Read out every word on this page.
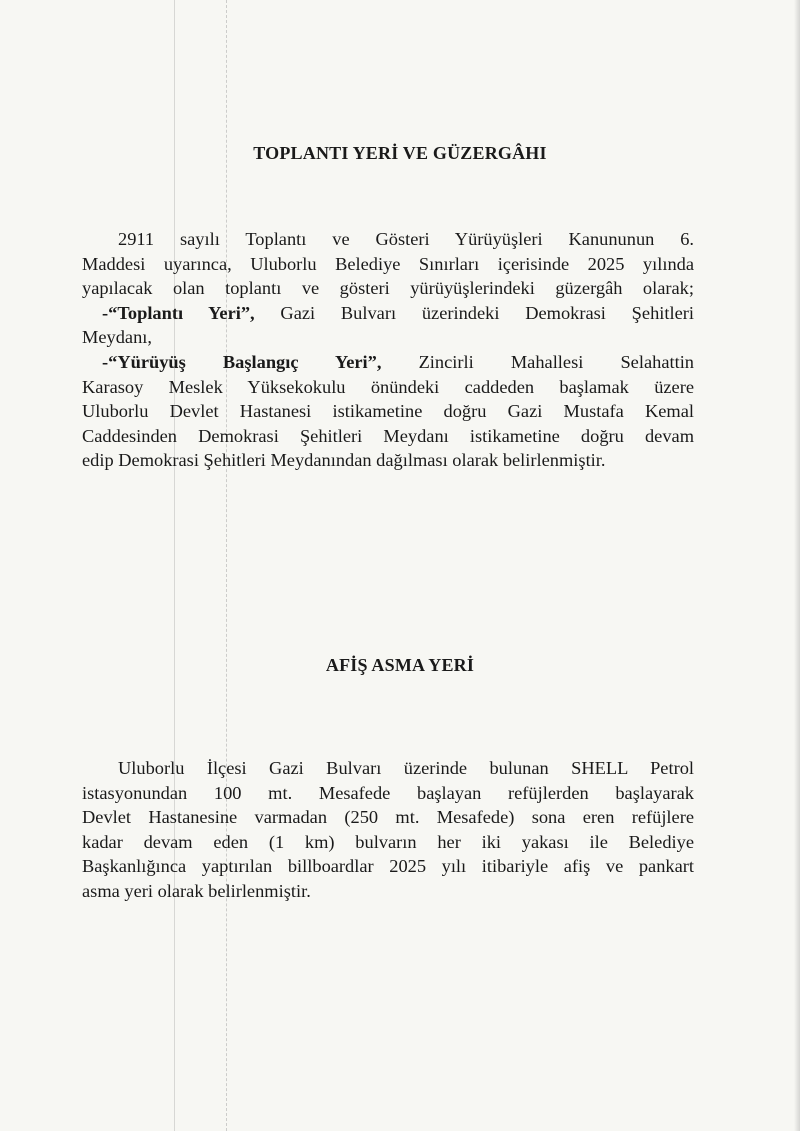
TOPLANTI YERİ VE GÜZERGÂHI
2911 sayılı Toplantı ve Gösteri Yürüyüşleri Kanununun 6.
Maddesi uyarınca, Uluborlu Belediye Sınırları içerisinde 2025 yılında
yapılacak olan toplantı ve gösteri yürüyüşlerindeki güzergâh olarak;
-“Toplantı Yeri”, Gazi Bulvarı üzerindeki Demokrasi Şehitleri
Meydanı,
-“Yürüyüş Başlangıç Yeri”, Zincirli Mahallesi Selahattin
Karasoy Meslek Yüksekokulu önündeki caddeden başlamak üzere
Uluborlu Devlet Hastanesi istikametine doğru Gazi Mustafa Kemal
Caddesinden Demokrasi Şehitleri Meydanı istikametine doğru devam
edip Demokrasi Şehitleri Meydanından dağılması olarak belirlenmiştir.
AFİŞ ASMA YERİ
Uluborlu İlçesi Gazi Bulvarı üzerinde bulunan SHELL Petrol
istasyonundan 100 mt. Mesafede başlayan refüjlerden başlayarak
Devlet Hastanesine varmadan (250 mt. Mesafede) sona eren refüjlere
kadar devam eden (1 km) bulvarın her iki yakası ile Belediye
Başkanlığınca yaptırılan billboardlar 2025 yılı itibariyle afiş ve pankart
asma yeri olarak belirlenmiştir.
